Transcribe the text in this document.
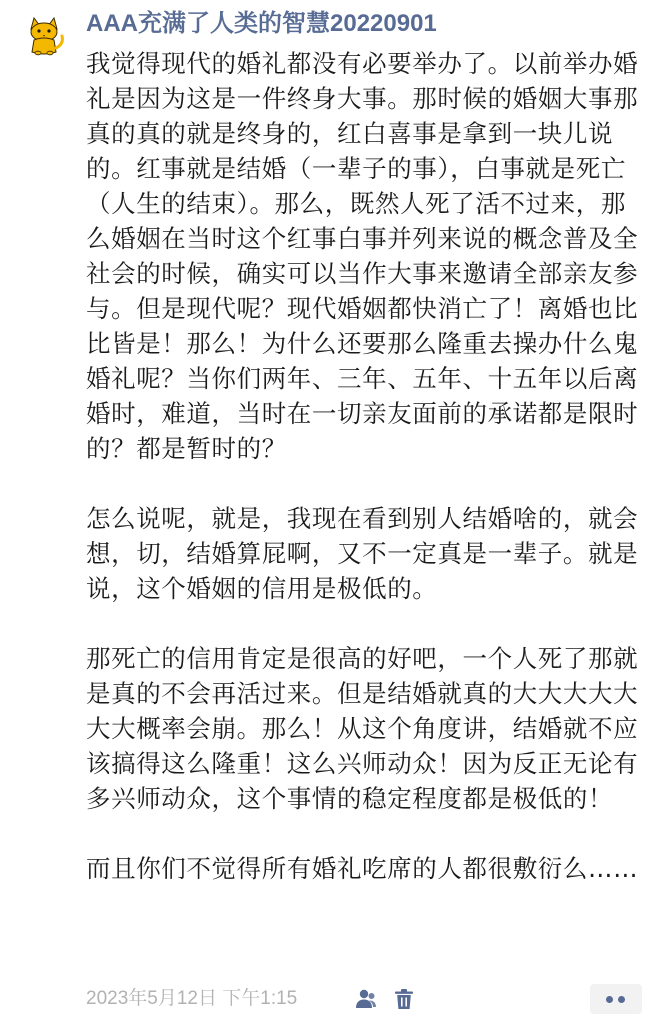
AAA充满了人类的智慧20220901

我觉得现代的婚礼都没有必要举办了。以前举办婚礼是因为这是一件终身大事。那时候的婚姻大事那真的真的就是终身的，红白喜事是拿到一块儿说的。红事就是结婚（一辈子的事），白事就是死亡（人生的结束）。那么，既然人死了活不过来，那么婚姻在当时这个红事白事并列来说的概念普及全社会的时候，确实可以当作大事来邀请全部亲友参与。但是现代呢？现代婚姻都快消亡了！离婚也比比皆是！那么！为什么还要那么隆重去操办什么鬼婚礼呢？当你们两年、三年、五年、十五年以后离婚时，难道，当时在一切亲友面前的承诺都是限时的？都是暂时的？

怎么说呢，就是，我现在看到别人结婚啥的，就会想，切，结婚算屁啊，又不一定真是一辈子。就是说，这个婚姻的信用是极低的。

那死亡的信用肯定是很高的好吧，一个人死了那就是真的不会再活过来。但是结婚就真的大大大大大大大概率会崩。那么！从这个角度讲，结婚就不应该搞得这么隆重！这么兴师动众！因为反正无论有多兴师动众，这个事情的稳定程度都是极低的！

而且你们不觉得所有婚礼吃席的人都很敷衍么……

2023年5月12日 下午1:15
